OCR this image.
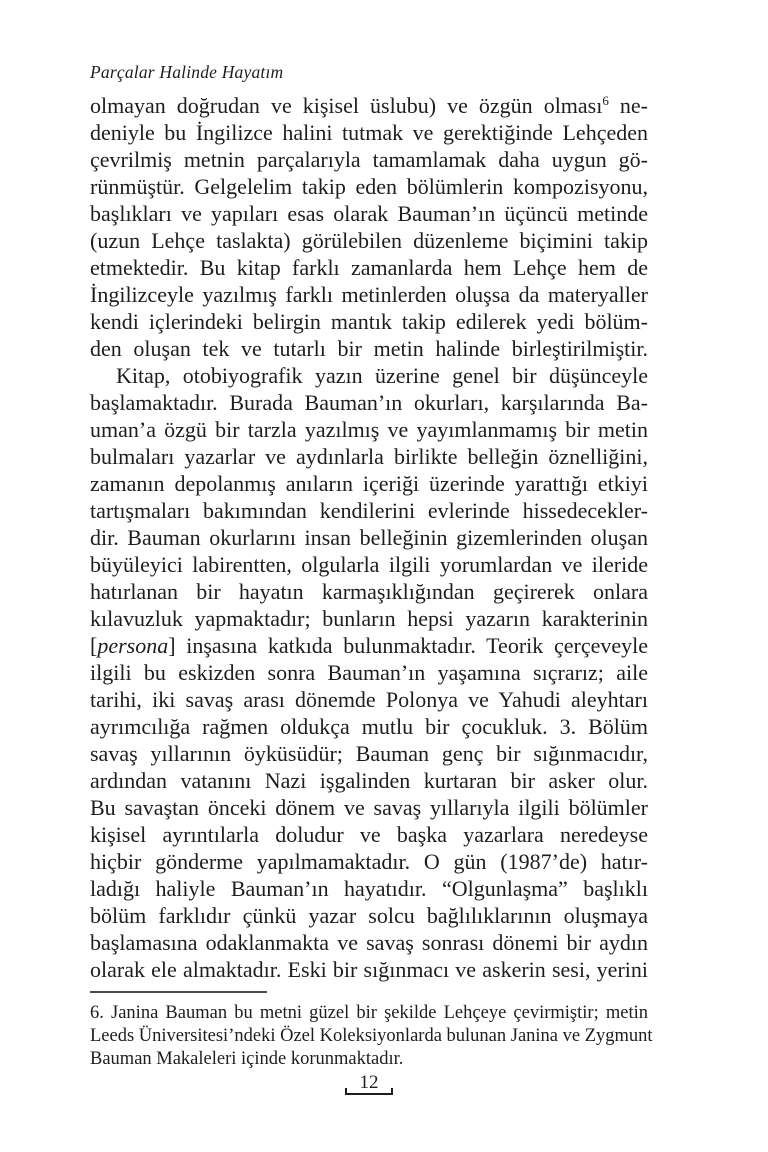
Parçalar Halinde Hayatım
olmayan doğrudan ve kişisel üslubu) ve özgün olması$^6$ ne-
deniyle bu İngilizce halini tutmak ve gerektiğinde Lehçeden
çevrilmiş metnin parçalarıyla tamamlamak daha uygun gö-
rünmüştür. Gelgelelim takip eden bölümlerin kompozisyonu,
başlıkları ve yapıları esas olarak Bauman’ın üçüncü metinde
(uzun Lehçe taslakta) görülebilen düzenleme biçimini takip
etmektedir. Bu kitap farklı zamanlarda hem Lehçe hem de
İngilizceyle yazılmış farklı metinlerden oluşsa da materyaller
kendi içlerindeki belirgin mantık takip edilerek yedi bölüm-
den oluşan tek ve tutarlı bir metin halinde birleştirilmiştir.
Kitap, otobiyografik yazın üzerine genel bir düşünceyle
başlamaktadır. Burada Bauman’ın okurları, karşılarında Ba-
uman’a özgü bir tarzla yazılmış ve yayımlanmamış bir metin
bulmaları yazarlar ve aydınlarla birlikte belleğin öznelliğini,
zamanın depolanmış anıların içeriği üzerinde yarattığı etkiyi
tartışmaları bakımından kendilerini evlerinde hissedecekler-
dir. Bauman okurlarını insan belleğinin gizemlerinden oluşan
büyüleyici labirentten, olgularla ilgili yorumlardan ve ileride
hatırlanan bir hayatın karmaşıklığından geçirerek onlara
kılavuzluk yapmaktadır; bunların hepsi yazarın karakterinin
[persona] inşasına katkıda bulunmaktadır. Teorik çerçeveyle
ilgili bu eskizden sonra Bauman’ın yaşamına sıçrarız; aile
tarihi, iki savaş arası dönemde Polonya ve Yahudi aleyhtarı
ayrımcılığa rağmen oldukça mutlu bir çocukluk. 3. Bölüm
savaş yıllarının öyküsüdür; Bauman genç bir sığınmacıdır,
ardından vatanını Nazi işgalinden kurtaran bir asker olur.
Bu savaştan önceki dönem ve savaş yıllarıyla ilgili bölümler
kişisel ayrıntılarla doludur ve başka yazarlara neredeyse
hiçbir gönderme yapılmamaktadır. O gün (1987’de) hatır-
ladığı haliyle Bauman’ın hayatıdır. “Olgunlaşma” başlıklı
bölüm farklıdır çünkü yazar solcu bağlılıklarının oluşmaya
başlamasına odaklanmakta ve savaş sonrası dönemi bir aydın
olarak ele almaktadır. Eski bir sığınmacı ve askerin sesi, yerini
6. Janina Bauman bu metni güzel bir şekilde Lehçeye çevirmiştir; metin
Leeds Üniversitesi’ndeki Özel Koleksiyonlarda bulunan Janina ve Zygmunt
Bauman Makaleleri içinde korunmaktadır.
12
